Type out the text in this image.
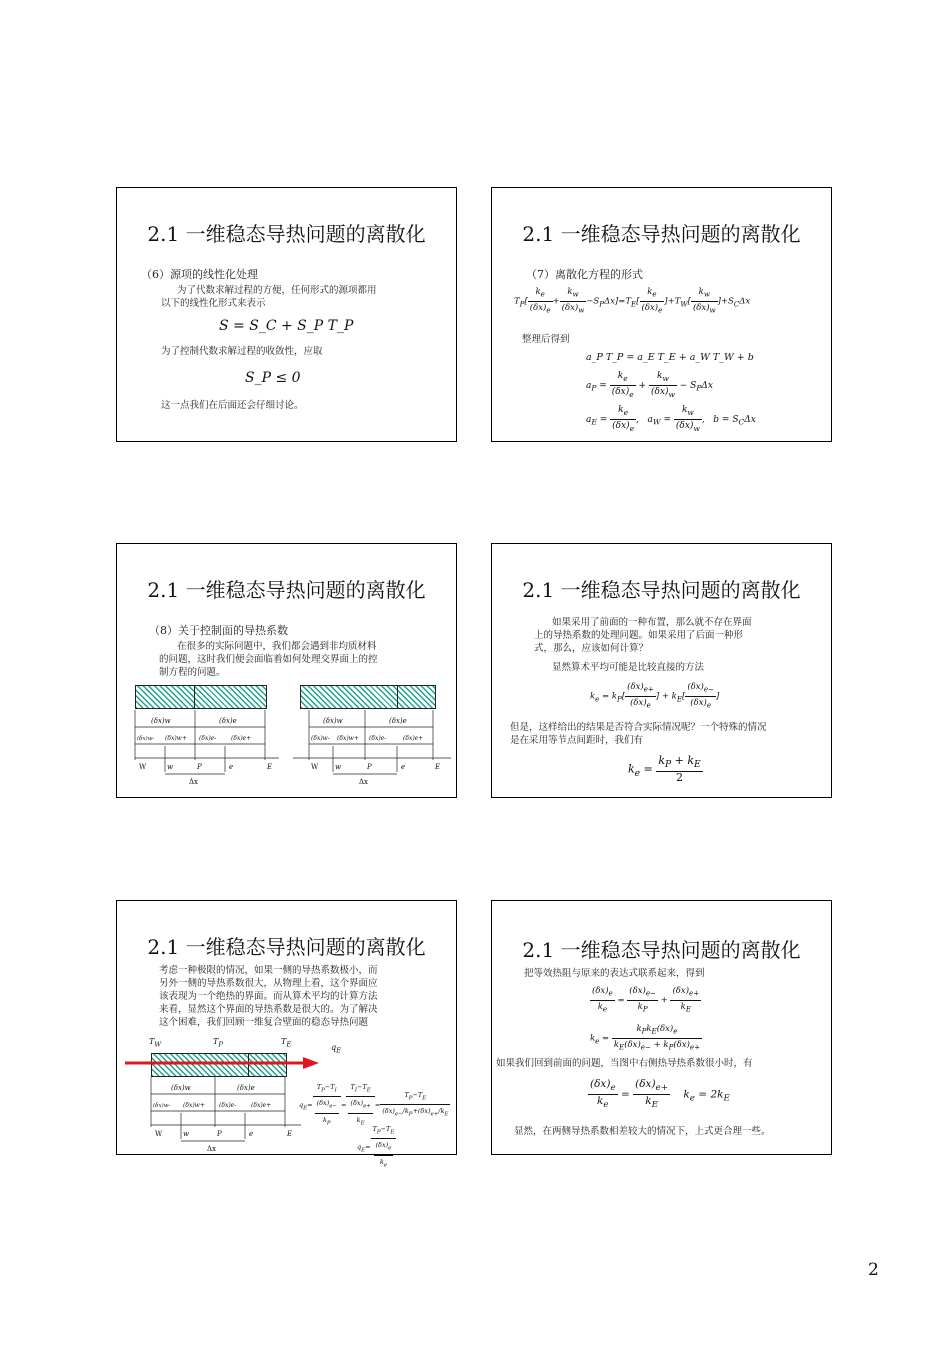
2.1 一维稳态导热问题的离散化
（6）源项的线性化处理
为了代数求解过程的方便，任何形式的源项都用
以下的线性化形式来表示
S = S_C + S_P T_P
为了控制代数求解过程的收敛性，应取
S_P ≤ 0
这一点我们在后面还会仔细讨论。
2.1 一维稳态导热问题的离散化
（7）离散化方程的形式
$T_P[ \frac{k_e}{(\delta x)_e} + \frac{k_w}{(\delta x)_w} -S_P\Delta x]=T_E[ \frac{k_e}{(\delta x)_e} ]+T_W[ \frac{k_w}{(\delta x)_w} ]+S_C\Delta x$
整理后得到
a_P T_P = a_E T_E + a_W T_W + b
$a_P = \frac{k_e}{(\delta x)_e} + \frac{k_w}{(\delta x)_w} - S_P\Delta x$
$a_E = \frac{k_e}{(\delta x)_e}$ ,   $a_W = \frac{k_w}{(\delta x)_w}$ ,   $b = S_C\Delta x$
2.1 一维稳态导热问题的离散化
（8）关于控制面的导热系数
在很多的实际问题中，我们都会遇到非均质材料
的问题，这时我们便会面临着如何处理交界面上的控
制方程的问题。
(δx)w	(δx)e
(δx)w- (δx)w+ (δx)e- (δx)e+
W	w	P	e	E
Δx
(δx)w	(δx)e
(δx)w- (δx)w+ (δx)e-	(δx)e+
W w	P	e	E
Δx
2.1 一维稳态导热问题的离散化
如果采用了前面的一种布置，那么就不存在界面
上的导热系数的处理问题。如果采用了后面一种形
式，那么，应该如何计算？
显然算术平均可能是比较直接的方法
$k_e = k_P[ \frac{(\delta x)_{e+}}{(\delta x)_e}$ ] + $k_E[ \frac{(\delta x)_{e-}}{(\delta x)_e}$ ]
但是，这样给出的结果是否符合实际情况呢？一个特殊的情况
是在采用等节点间距时，我们有
$k_e = \frac{k_P + k_E}{2}$
2.1 一维稳态导热问题的离散化
考虑一种极限的情况，如果一侧的导热系数极小，而
另外一侧的导热系数很大，从物理上看，这个界面应
该表现为一个绝热的界面。而从算术平均的计算方法
来看，显然这个界面的导热系数是很大的。为了解决
这个困难，我们回顾一维复合壁面的稳态导热问题
$T_W$	$T_P$	$T_E$	$q_E$
(δx)w	(δx)e
(δx)w- (δx)w+ (δx)e- (δx)e+
W	w	P	e	E
Δx
$q_E= \frac{T_P-T_I}{\frac{(\delta x)_{e-}}{k_P}} = \frac{T_I-T_E}{\frac{(\delta x)_{e+}}{k_E}} = \frac{T_P-T_E}{(\delta x)_{e-}/k_P+(\delta x)_{e+}/k_E}$
$q_E= \frac{T_P-T_E}{\frac{(\delta x)_e}{k_e}}$
2.1 一维稳态导热问题的离散化
把等效热阻与原来的表达式联系起来，得到
$\frac{(\delta x)_e}{k_e} = \frac{(\delta x)_{e-}}{k_P} + \frac{(\delta x)_{e+}}{k_E}$
$k_e = \frac{k_Pk_E(\delta x)_e}{k_E(\delta x)_{e-} + k_P(\delta x)_{e+}}$
如果我们回到前面的问题，当图中右侧热导热系数很小时，有
$\frac{(\delta x)_e}{k_e} = \frac{(\delta x)_{e+}}{k_E} k_e = 2k_E$
显然，在两侧导热系数相差较大的情况下，上式更合理一些。
2
